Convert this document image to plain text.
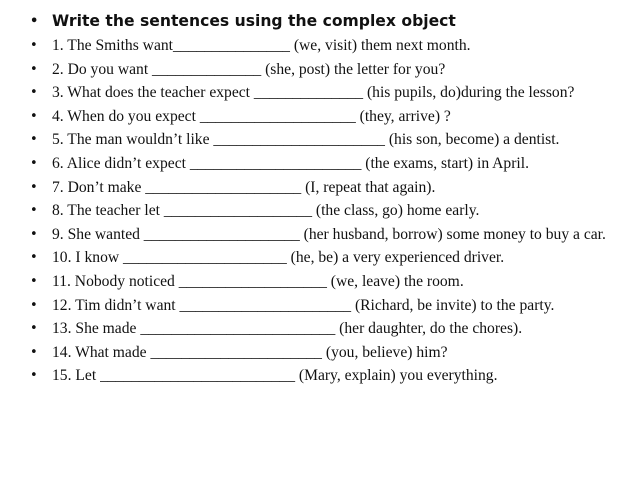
• Write the sentences using the complex object
• 1. The Smiths want_______________ (we, visit) them next month.
• 2. Do you want ______________ (she, post) the letter for you?
• 3. What does the teacher expect ______________ (his pupils, do)during the lesson?
• 4. When do you expect ____________________ (they, arrive) ?
• 5. The man wouldn’t like ______________________ (his son, become) a dentist.
• 6. Alice didn’t expect ______________________ (the exams, start) in April.
• 7. Don’t make ____________________ (I, repeat that again).
• 8. The teacher let ___________________ (the class, go) home early.
• 9. She wanted ____________________ (her husband, borrow) some money to buy a car.
• 10. I know _____________________ (he, be) a very experienced driver.
• 11. Nobody noticed ___________________ (we, leave) the room.
• 12. Tim didn’t want ______________________ (Richard, be invite) to the party.
• 13. She made _________________________ (her daughter, do the chores).
• 14. What made ______________________ (you, believe) him?
• 15. Let _________________________ (Mary, explain) you everything.
